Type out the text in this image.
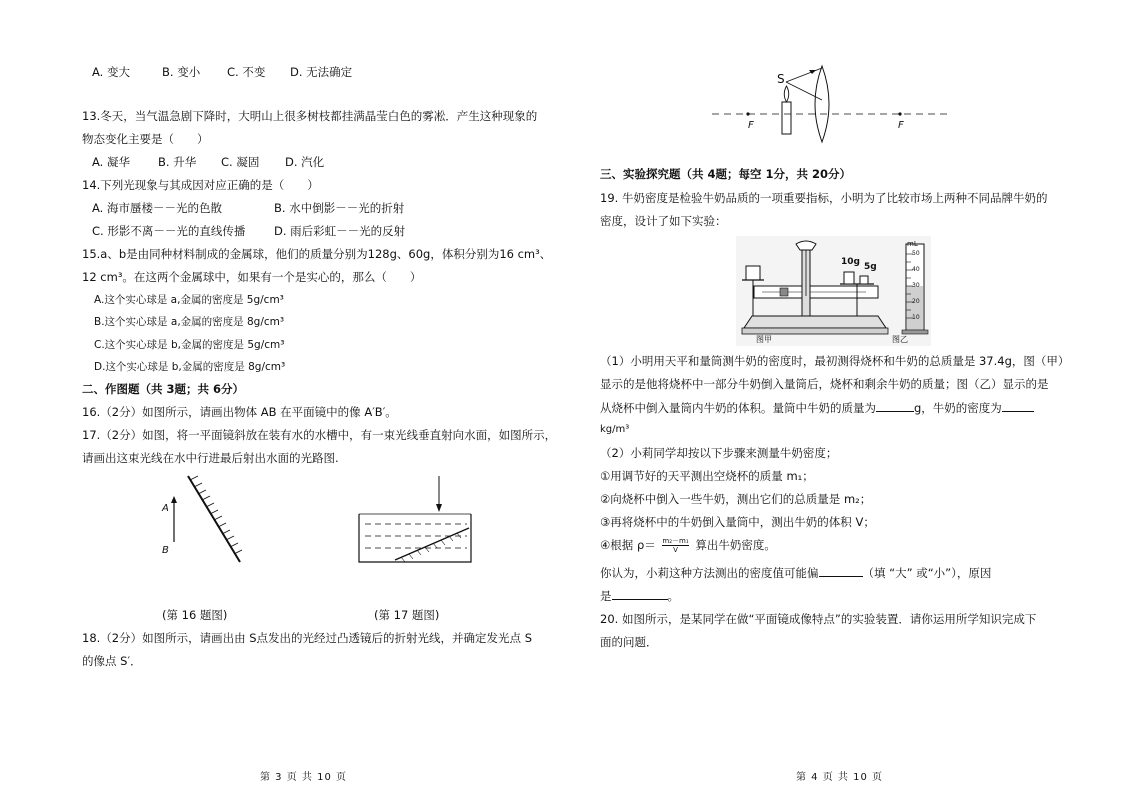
A. 变大	B. 变小 C. 不变 D. 无法确定
13.冬天，当气温急剧下降时，大明山上很多树枝都挂满晶莹白色的雾凇．产生这种现象的
物态变化主要是（　　）
A. 凝华 B. 升华 C. 凝固 D. 汽化
14.下列光现象与其成因对应正确的是（　　）
A. 海市蜃楼－－光的色散	B. 水中倒影－－光的折射
C. 形影不离－－光的直线传播 D. 雨后彩虹－－光的反射
15.a、b是由同种材料制成的金属球，他们的质量分别为128g、60g，体积分别为16 cm³、
12 cm³。在这两个金属球中，如果有一个是实心的，那么（　　）
A.这个实心球是 a,金属的密度是 5g/cm³
B.这个实心球是 a,金属的密度是 8g/cm³
C.这个实心球是 b,金属的密度是 5g/cm³
D.这个实心球是 b,金属的密度是 8g/cm³
二、作图题（共 3题；共 6分）
16.（2分）如图所示，请画出物体 AB 在平面镜中的像 A′B′。
17.（2分）如图，将一平面镜斜放在装有水的水槽中，有一束光线垂直射向水面，如图所示，
请画出这束光线在水中行进最后射出水面的光路图.
A
B
(第 16 题图)	(第 17 题图)
18.（2分）如图所示，请画出由 S点发出的光经过凸透镜后的折射光线，并确定发光点 S
的像点 S′．
第 3 页 共 10 页
S
F	F
三、实验探究题（共 4题；每空 1分，共 20分）
19. 牛奶密度是检验牛奶品质的一项重要指标，小明为了比较市场上两种不同品牌牛奶的
密度，设计了如下实验：
10g 5g
mL
50
40
30
20
10
图甲	图乙
（1）小明用天平和量筒测牛奶的密度时，最初测得烧杯和牛奶的总质量是 37.4g，图（甲）
显示的是他将烧杯中一部分牛奶倒入量筒后，烧杯和剩余牛奶的质量；图（乙）显示的是
从烧杯中倒入量筒内牛奶的体积。量筒中牛奶的质量为	g，牛奶的密度为
kg/m³
（2）小莉同学却按以下步骤来测量牛奶密度；
①用调节好的天平测出空烧杯的质量 m₁；
②向烧杯中倒入一些牛奶，测出它们的总质量是 m₂；
③再将烧杯中的牛奶倒入量筒中，测出牛奶的体积 V；
④根据 $\rho= \frac{\text{m₂－m₁}}{V}$ 算出牛奶密度。
你认为，小莉这种方法测出的密度值可能偏	（填 “大” 或“小”），原因
是	。
20. 如图所示，是某同学在做“平面镜成像特点”的实验装置．请你运用所学知识完成下
面的问题．
第 4 页 共 10 页
